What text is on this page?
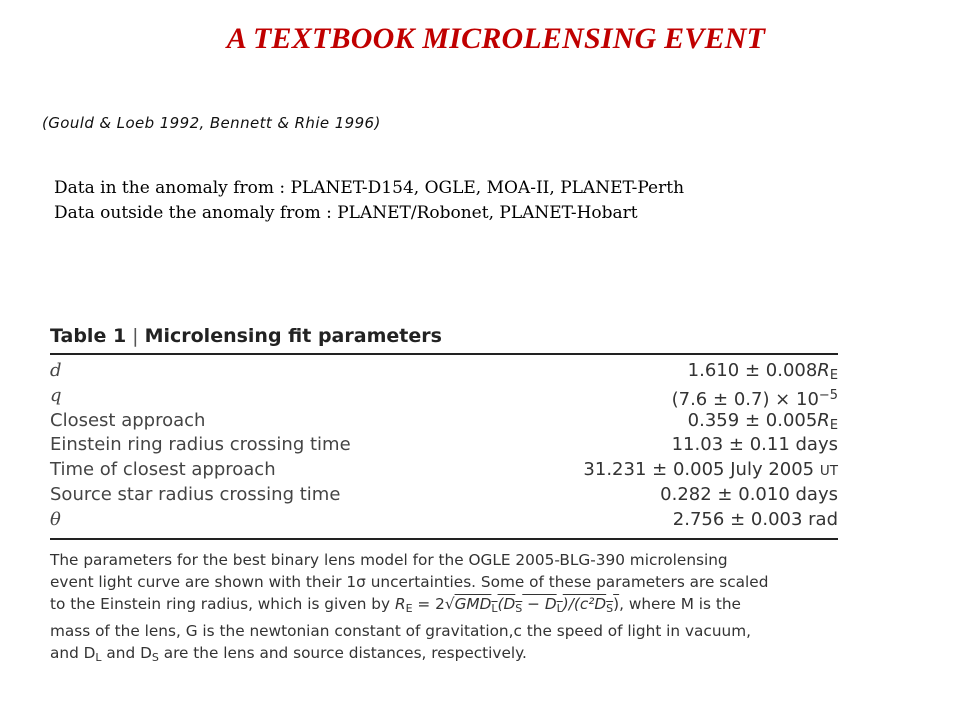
A TEXTBOOK MICROLENSING EVENT
(Gould & Loeb 1992, Bennett & Rhie 1996)
Data in the anomaly from : PLANET-D154, OGLE, MOA-II, PLANET-Perth
Data outside the anomaly from : PLANET/Robonet, PLANET-Hobart
Table 1 | Microlensing fit parameters
d	$1.610 \pm 0.008R_E$
q	$(7.6 \pm 0.7) \times 10^{-5}$
Closest approach	$0.359 \pm 0.005R_E$
Einstein ring radius crossing time	11.03 ± 0.11 days
Time of closest approach	31.231 ± 0.005 July 2005 UT
Source star radius crossing time	0.282 ± 0.010 days
θ	2.756 ± 0.003 rad
The parameters for the best binary lens model for the OGLE 2005-BLG-390 microlensing
event light curve are shown with their 1σ uncertainties. Some of these parameters are scaled
to the Einstein ring radius, which is given by $R_E = 2√GMD_L(D_S - D_L)/(c^2D_S)$, where M is the
mass of the lens, G is the newtonian constant of gravitation,c the speed of light in vacuum,
and $D_L$ and $D_S$ are the lens and source distances, respectively.
